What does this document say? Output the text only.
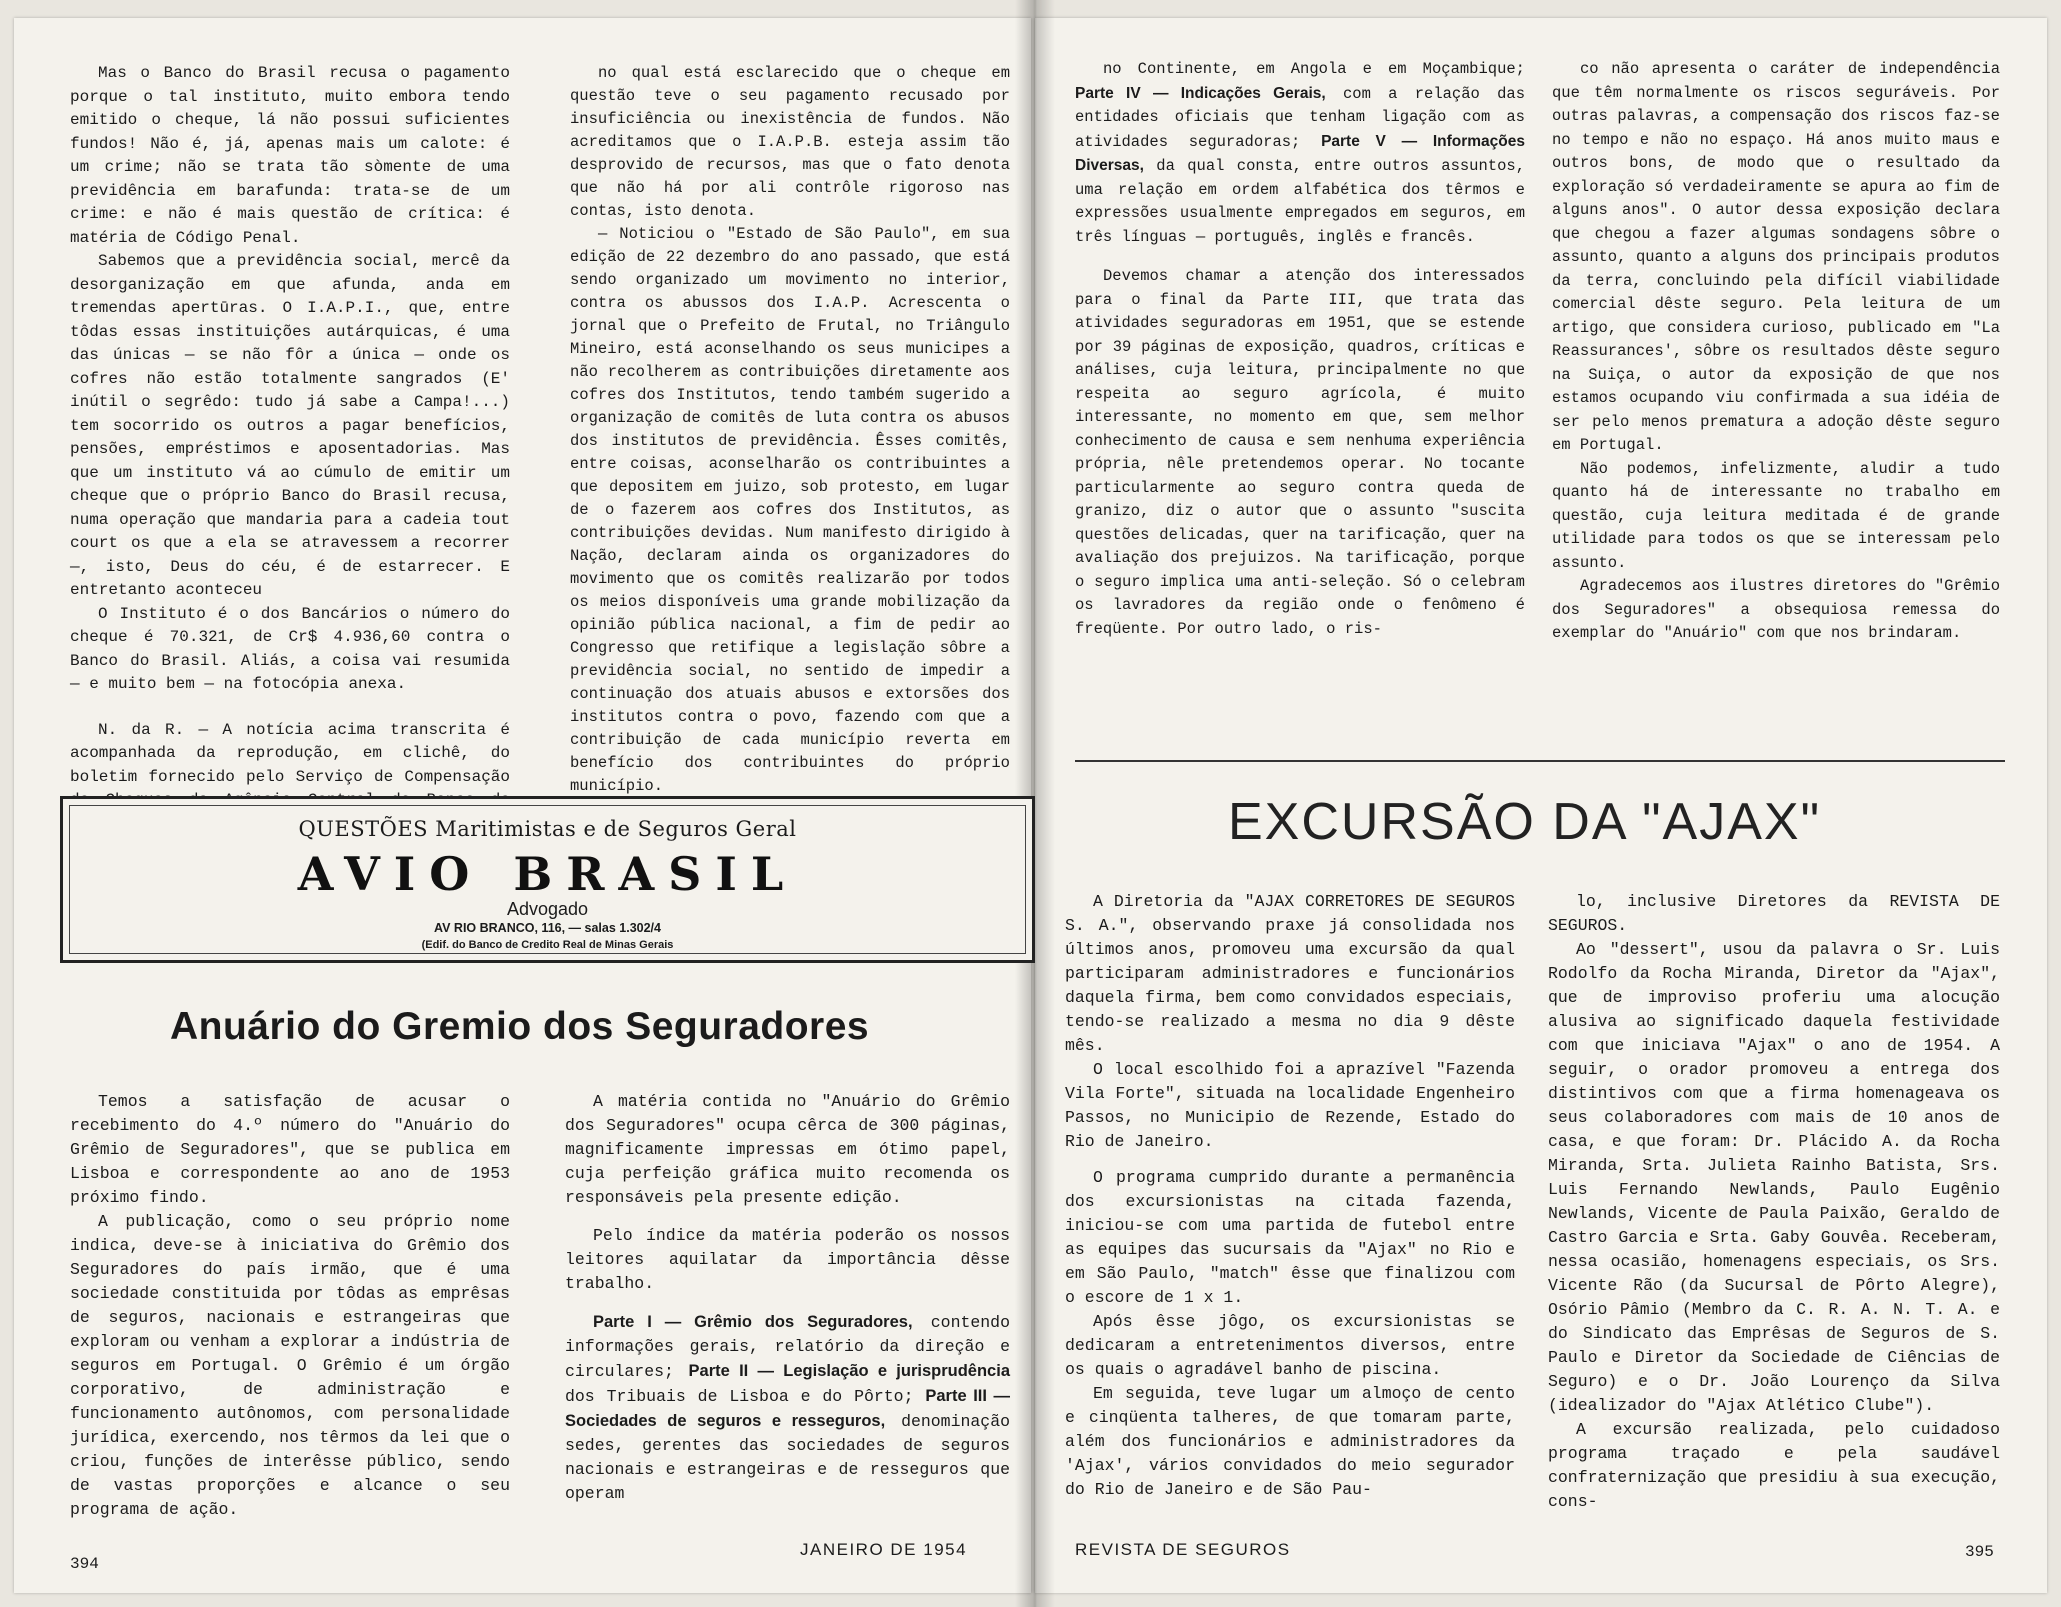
Mas o Banco do Brasil recusa o pagamento porque o tal instituto, muito embora tendo emitido o cheque, lá não possui suficientes fundos! Não é, já, apenas mais um calote: é um crime; não se trata tão sòmente de uma previdência em barafunda: trata-se de um crime: e não é mais questão de crítica: é matéria de Código Penal.

Sabemos que a previdência social, mercê da desorganização em que afunda, anda em tremendas apertūras. O I.A.P.I., que, entre tôdas essas instituições autárquicas, é uma das únicas — se não fôr a única — onde os cofres não estão totalmente sangrados (E' inútil o segrêdo: tudo já sabe a Campa!...) tem socorrido os outros a pagar benefícios, pensões, empréstimos e aposentadorias. Mas que um instituto vá ao cúmulo de emitir um cheque que o próprio Banco do Brasil recusa, numa operação que mandaria para a cadeia tout court os que a ela se atravessem a recorrer —, isto, Deus do céu, é de estarrecer. E entretanto aconteceu

O Instituto é o dos Bancários o número do cheque é 70.321, de Cr$ 4.936,60 contra o Banco do Brasil. Aliás, a coisa vai resumida — e muito bem — na fotocópia anexa.

N. da R. — A notícia acima transcrita é acompanhada da reprodução, em clichê, do boletim fornecido pelo Serviço de Compensação

no qual está esclarecido que o cheque em questão teve o seu pagamento recusado por insuficiência ou inexistência de fundos. Não acreditamos que o I.A.P.B. esteja assim tão desprovido de recursos, mas que o fato denota que não há por ali contrôle rigoroso nas contas, isto denota.

— Noticiou o "Estado de São Paulo", em sua edição de 22 dezembro do ano passado, que está sendo organizado um movimento no interior, contra os abussos dos I.A.P. Acrescenta o jornal que o Prefeito de Frutal, no Triângulo Mineiro, está aconselhando os seus municipes a não recolherem as contribuições diretamente aos cofres dos Institutos, tendo também sugerido a organização de comitês de luta contra os abusos dos institutos de previdência. Êsses comitês, entre coisas, aconselharão os contribuintes a que depositem em juizo, sob protesto, em lugar de o fazerem aos cofres dos Institutos, as contribuições devidas. Num manifesto dirigido à Nação, declaram ainda os organizadores do movimento que os comitês realizarão por todos os meios disponíveis uma grande mobilização da opinião pública nacional, a fim de pedir ao Congresso que retifique a legislação sôbre a previdência social, no sentido de impedir a continuação dos atuais abusos e extorsões dos institutos contra o povo, fazendo com que a contribuição de cada município reverta em benefício dos contribuintes do próprio município.

QUESTÕES Maritimistas e de Seguros Geral
AVIO BRASIL
Advogado
AV RIO BRANCO, 116, — salas 1.302/4
(Edif. do Banco de Credito Real de Minas Gerais
Anuário do Gremio dos Seguradores

Temos a satisfação de acusar o recebimento do 4.º número do "Anuário do Grêmio de Seguradores", que se publica em Lisboa e correspondente ao ano de 1953 próximo findo.

A publicação, como o seu próprio nome indica, deve-se à iniciativa do Grêmio dos Seguradores do país irmão, que é uma sociedade constituida por tôdas as emprêsas de seguros, nacionais e estrangeiras que exploram ou venham a explorar a indústria de seguros em Portugal. O Grêmio é um órgão corporativo, de administração e funcionamento autônomos, com personalidade jurídica, exercendo, nos têrmos da lei que o criou, funções de interêsse público, sendo de vastas proporções e alcance o seu programa de ação.

A matéria contida no "Anuário do Grêmio dos Seguradores" ocupa cêrca de 300 páginas, magnificamente impressas em ótimo papel, cuja perfeição gráfica muito recomenda os responsáveis pela presente edição.

Pelo índice da matéria poderão os nossos leitores aquilatar da importância dêsse trabalho.

Parte I — Grêmio dos Seguradores, contendo informações gerais, relatório da direção e circulares; Parte II — Legislação e jurisprudência dos Tribuais de Lisboa e do Pôrto; Parte III — Sociedades de seguros e resseguros, denominação sedes, gerentes das sociedades de seguros nacionais e estrangeiras e de resseguros que operam

394
JANEIRO DE 1954

no Continente, em Angola e em Moçambique; Parte IV — Indicações Gerais, com a relação das entidades oficiais que tenham ligação com as atividades seguradoras; Parte V — Informações Diversas, da qual consta, entre outros assuntos, uma relação em ordem alfabética dos têrmos e expressões usualmente empregados em seguros, em três línguas — português, inglês e francês.

Devemos chamar a atenção dos interessados para o final da Parte III, que trata das atividades seguradoras em 1951, que se estende por 39 páginas de exposição, quadros, críticas e análises, cuja leitura, principalmente no que respeita ao seguro agrícola, é muito interessante, no momento em que, sem melhor conhecimento de causa e sem nenhuma experiência própria, nêle pretendemos operar. No tocante particularmente ao seguro contra queda de granizo, diz o autor que o assunto "suscita questões delicadas, quer na tarificação, quer na avaliação dos prejuizos. Na tarificação, porque o seguro implica uma anti-seleção. Só o celebram os lavradores da região onde o fenômeno é freqüente. Por outro lado, o ris-

co não apresenta o caráter de independência que têm normalmente os riscos seguráveis. Por outras palavras, a compensação dos riscos faz-se no tempo e não no espaço. Há anos muito maus e outros bons, de modo que o resultado da exploração só verdadeiramente se apura ao fim de alguns anos". O autor dessa exposição declara que chegou a fazer algumas sondagens sôbre o assunto, quanto a alguns dos principais produtos da terra, concluindo pela difícil viabilidade comercial dêste seguro. Pela leitura de um artigo, que considera curioso, publicado em "La Reassurances', sôbre os resultados dêste seguro na Suiça, o autor da exposição de que nos estamos ocupando viu confirmada a sua idéia de ser pelo menos prematura a adoção dêste seguro em Portugal.

Não podemos, infelizmente, aludir a tudo quanto há de interessante no trabalho em questão, cuja leitura meditada é de grande utilidade para todos os que se interessam pelo assunto.

Agradecemos aos ilustres diretores do "Grêmio dos Seguradores" a obsequiosa remessa do exemplar do "Anuário" com que nos brindaram.

EXCURSÃO DA "AJAX"

A Diretoria da "AJAX CORRETORES DE SEGUROS S. A.", observando praxe já consolidada nos últimos anos, promoveu uma excursão da qual participaram administradores e funcionários daquela firma, bem como convidados especiais, tendo-se realizado a mesma no dia 9 dêste mês.

O local escolhido foi a aprazível "Fazenda Vila Forte", situada na localidade Engenheiro Passos, no Municipio de Rezende, Estado do Rio de Janeiro.

O programa cumprido durante a permanência dos excursionistas na citada fazenda, iniciou-se com uma partida de futebol entre as equipes das sucursais da "Ajax" no Rio e em São Paulo, "match" êsse que finalizou com o escore de 1 x 1.

Após êsse jôgo, os excursionistas se dedicaram a entretenimentos diversos, entre os quais o agradável banho de piscina.

Em seguida, teve lugar um almoço de cento e cinqüenta talheres, de que tomaram parte, além dos funcionários e administradores da 'Ajax', vários convidados do meio segurador do Rio de Janeiro e de São Pau-

lo, inclusive Diretores da REVISTA DE SEGUROS.

Ao "dessert", usou da palavra o Sr. Luis Rodolfo da Rocha Miranda, Diretor da "Ajax", que de improviso proferiu uma alocução alusiva ao significado daquela festividade com que iniciava "Ajax" o ano de 1954. A seguir, o orador promoveu a entrega dos distintivos com que a firma homenageava os seus colaboradores com mais de 10 anos de casa, e que foram: Dr. Plácido A. da Rocha Miranda, Srta. Julieta Rainho Batista, Srs. Luis Fernando Newlands, Paulo Eugênio Newlands, Vicente de Paula Paixão, Geraldo de Castro Garcia e Srta. Gaby Gouvêa. Receberam, nessa ocasião, homenagens especiais, os Srs. Vicente Rão (da Sucursal de Pôrto Alegre), Osório Pâmio (Membro da C. R. A. N. T. A. e do Sindicato das Emprêsas de Seguros de S. Paulo e Diretor da Sociedade de Ciências de Seguro) e o Dr. João Lourenço da Silva (idealizador do "Ajax Atlético Clube").

A excursão realizada, pelo cuidadoso programa traçado e pela saudável confraternização que presidiu à sua execução, cons-

REVISTA DE SEGUROS	395
